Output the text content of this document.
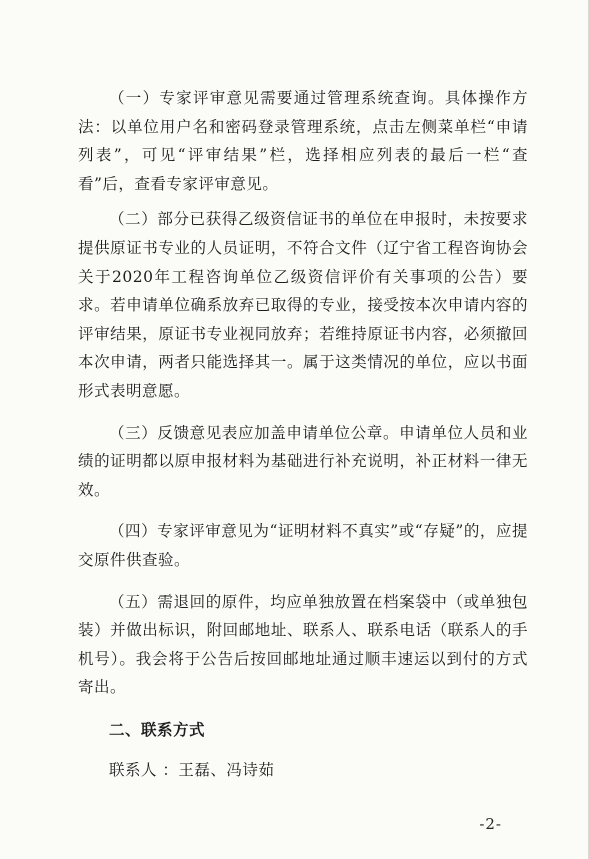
（一）专家评审意见需要通过管理系统查询。具体操作方法：以单位用户名和密码登录管理系统，点击左侧菜单栏“申请列表”，可见“评审结果”栏，选择相应列表的最后一栏“查看”后，查看专家评审意见。

（二）部分已获得乙级资信证书的单位在申报时，未按要求提供原证书专业的人员证明，不符合文件（辽宁省工程咨询协会关于2020年工程咨询单位乙级资信评价有关事项的公告）要求。若申请单位确系放弃已取得的专业，接受按本次申请内容的评审结果，原证书专业视同放弃；若维持原证书内容，必须撤回本次申请，两者只能选择其一。属于这类情况的单位，应以书面形式表明意愿。

（三）反馈意见表应加盖申请单位公章。申请单位人员和业绩的证明都以原申报材料为基础进行补充说明，补正材料一律无效。

（四）专家评审意见为“证明材料不真实”或“存疑”的，应提交原件供查验。

（五）需退回的原件，均应单独放置在档案袋中（或单独包装）并做出标识，附回邮地址、联系人、联系电话（联系人的手机号）。我会将于公告后按回邮地址通过顺丰速运以到付的方式寄出。

二、联系方式

联系人 ：王磊、冯诗茹

-2-
